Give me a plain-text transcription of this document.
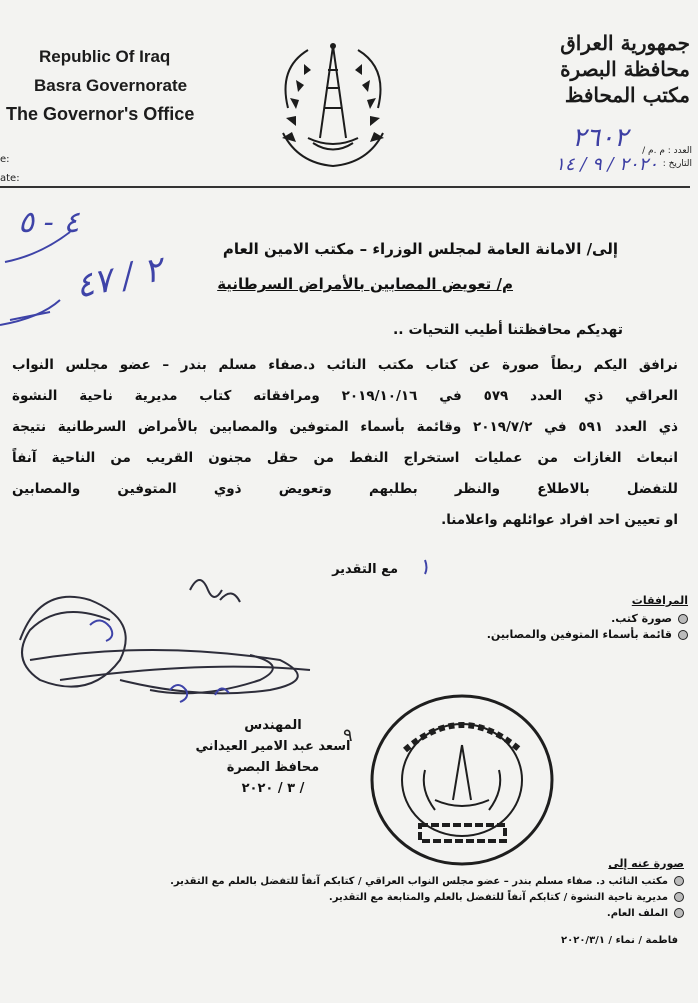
Republic Of Iraq
Basra Governorate
The Governor's Office
e:
ate:
جمهورية العراق
محافظة البصرة
مكتب المحافظ
العدد : م .م /
التاريخ :
٢٦٠٢
٢٠٢٠ / ٩ / ١٤
٤ - ٥
٢ / ٤٧
إلى/ الامانة العامة لمجلس الوزراء – مكتب الامين العام
م/ تعويض المصابين بالأمراض السرطانية
تهديكم محافظتنا أطيب التحيات ..
نرافق اليكم ربطاً صورة عن كتاب مكتب النائب د.صفاء مسلم بندر – عضو مجلس النواب
العراقي ذي العدد ٥٧٩ في ٢٠١٩/١٠/١٦ ومرافقاته كتاب مديرية ناحية النشوة
ذي العدد ٥٩١ في ٢٠١٩/٧/٢ وقائمة بأسماء المتوفين والمصابين بالأمراض السرطانية نتيجة
انبعاث الغازات من عمليات استخراج النفط من حقل مجنون القريب من الناحية آنفاً
للتفضل بالاطلاع والنظر بطلبهم وتعويض ذوي المتوفين والمصابين
او تعيين احد افراد عوائلهم واعلامنا.
مع التقدير
المرافقات
صورة كتب.
قائمة بأسماء المتوفين والمصابين.
المهندس
اسعد عبد الامير العيداني
محافظ البصرة
/ ٣ / ٢٠٢٠
٩
صورة عنه إلى
مكتب النائب د. صفاء مسلم بندر – عضو مجلس النواب العراقي / كتابكم آنفاً للتفضل بالعلم مع التقدير.
مديرية ناحية النشوة / كتابكم آنفاً للتفضل بالعلم والمتابعة مع التقدير.
الملف العام.
فاطمة / نماء / ٢٠٢٠/٣/١
